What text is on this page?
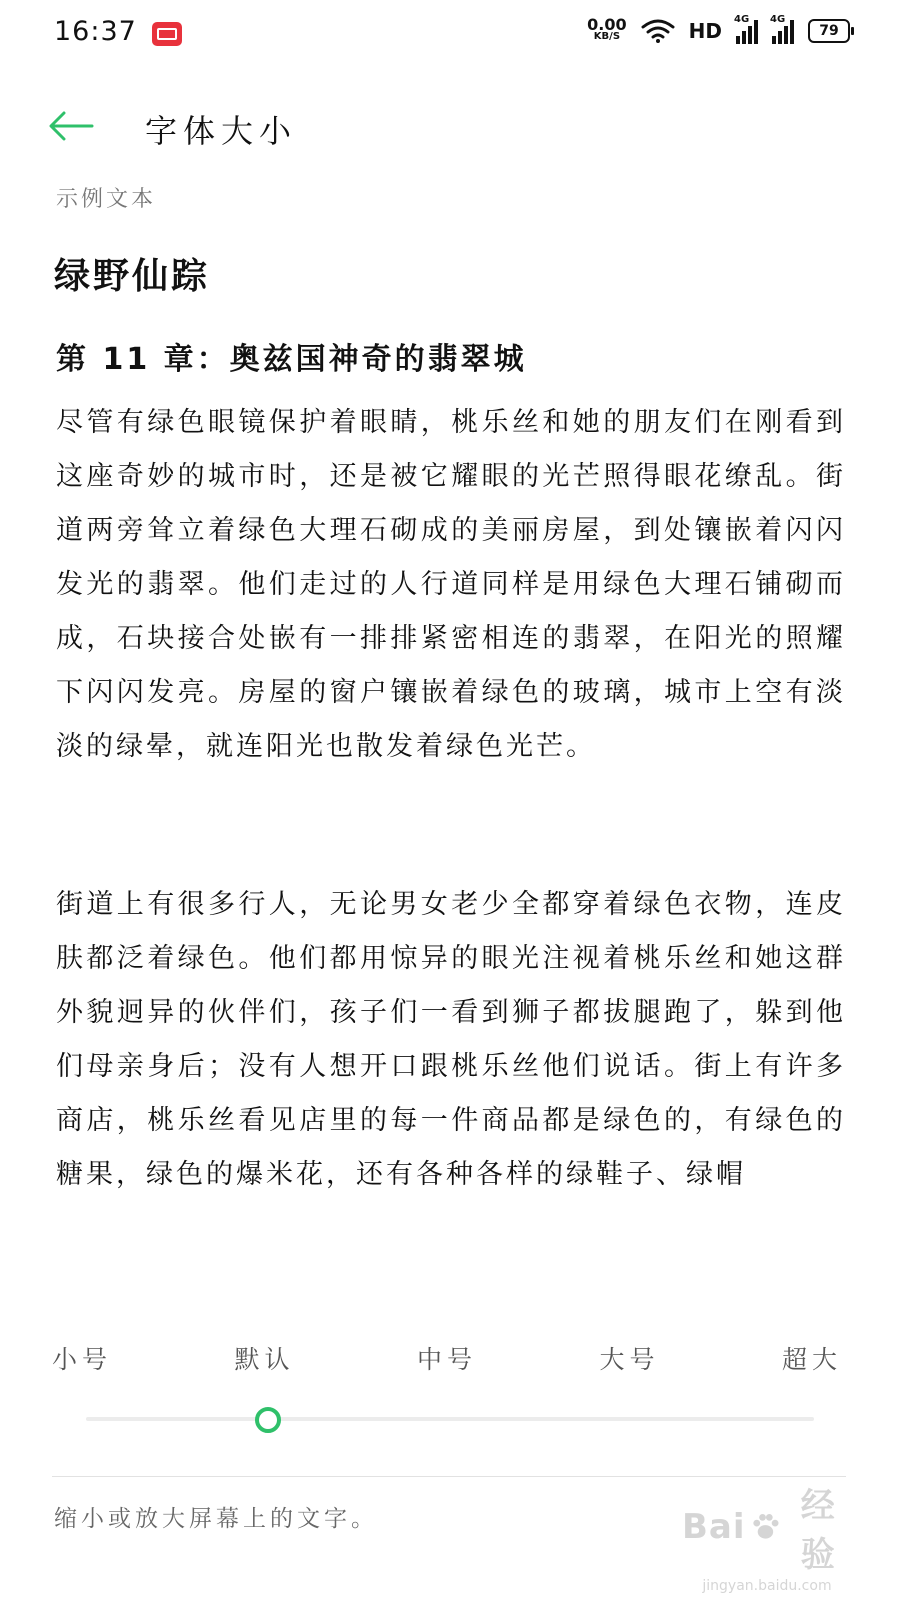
16:37	0.00
KB/S	HD 4G 4G
79
字体大小
示例文本
绿野仙踪
第 11 章：奥兹国神奇的翡翠城

尽管有绿色眼镜保护着眼睛，桃乐丝和她的朋友们在刚看到这座奇妙的城市时，还是被它耀眼的光芒照得眼花缭乱。街道两旁耸立着绿色大理石砌成的美丽房屋，到处镶嵌着闪闪发光的翡翠。他们走过的人行道同样是用绿色大理石铺砌而成，石块接合处嵌有一排排紧密相连的翡翠，在阳光的照耀下闪闪发亮。房屋的窗户镶嵌着绿色的玻璃，城市上空有淡淡的绿晕，就连阳光也散发着绿色光芒。

街道上有很多行人，无论男女老少全都穿着绿色衣物，连皮肤都泛着绿色。他们都用惊异的眼光注视着桃乐丝和她这群外貌迥异的伙伴们，孩子们一看到狮子都拔腿跑了，躲到他们母亲身后；没有人想开口跟桃乐丝他们说话。街上有许多商店，桃乐丝看见店里的每一件商品都是绿色的，有绿色的糖果，绿色的爆米花，还有各种各样的绿鞋子、绿帽

小号	默认	中号	大号	超大
缩小或放大屏幕上的文字。	Bai
经验
jingyan.baidu.com
